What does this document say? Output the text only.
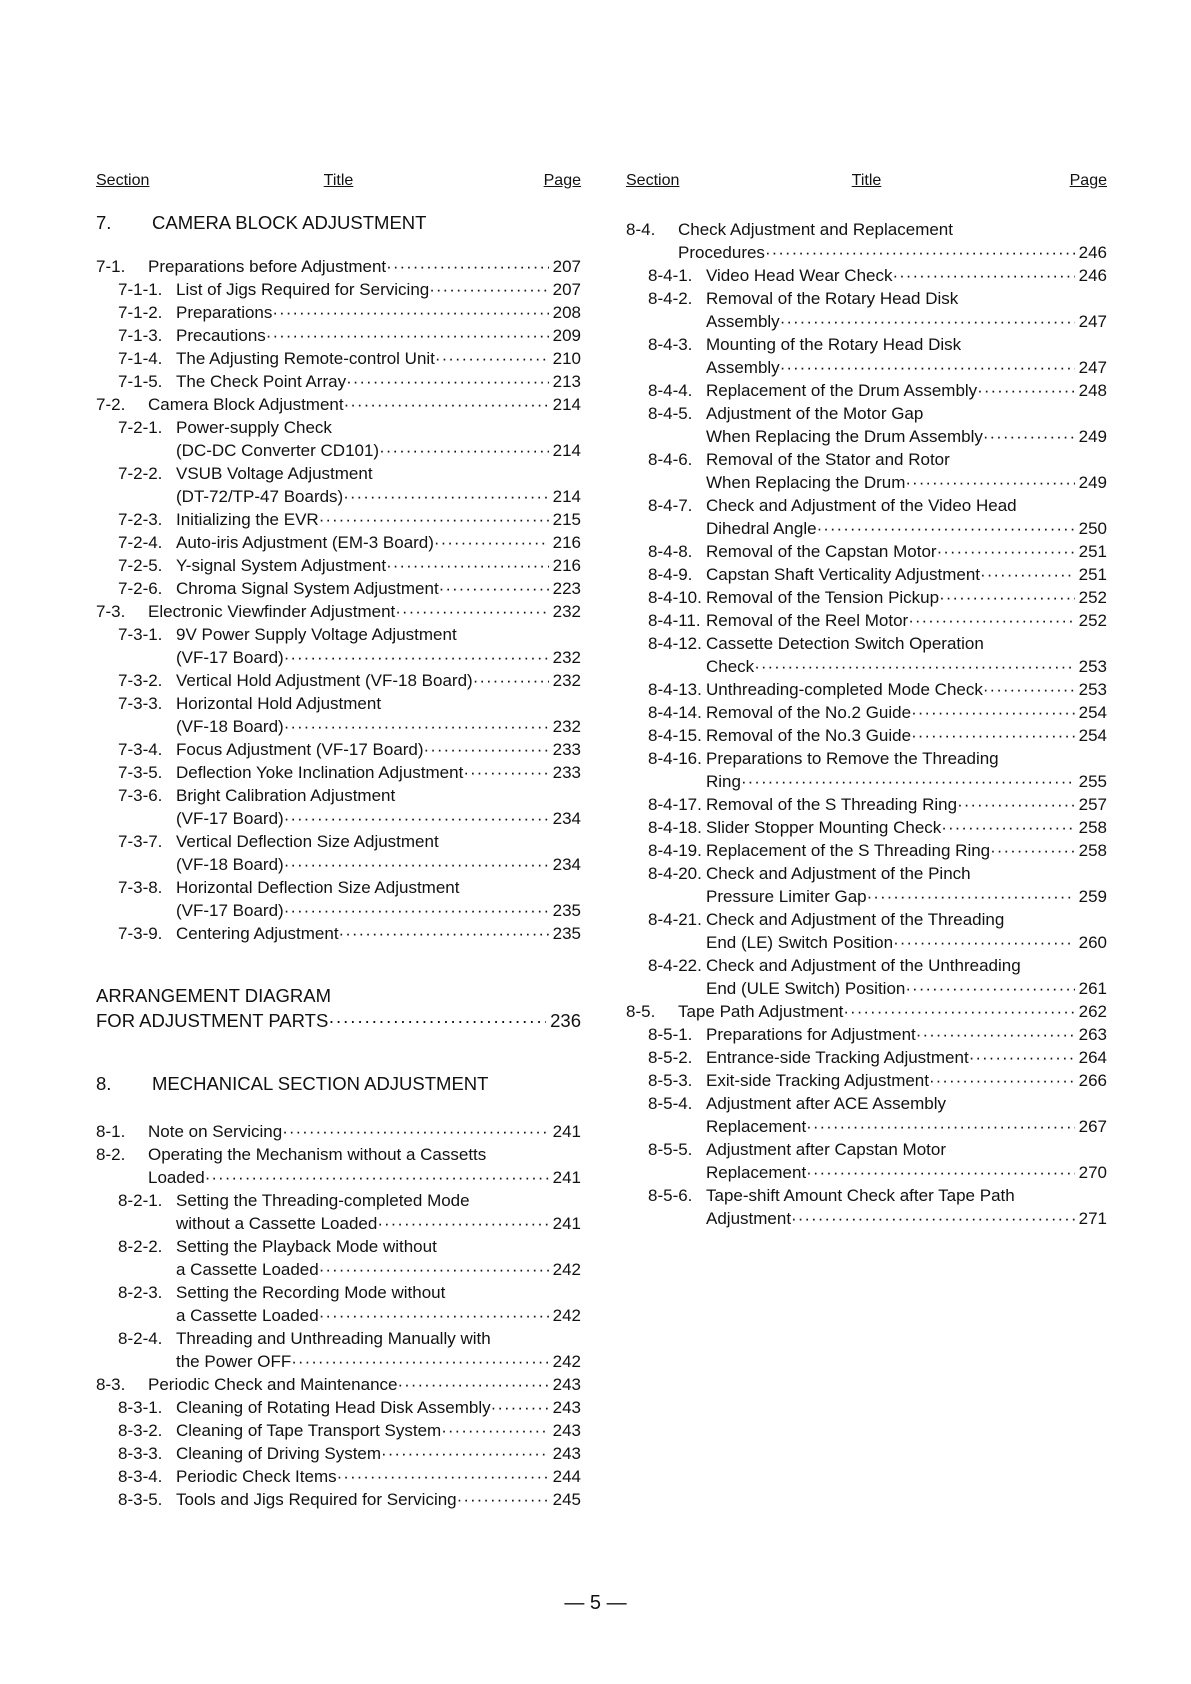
Section	Title	Page
7. CAMERA BLOCK ADJUSTMENT
7-1. Preparations before Adjustment ·····	207
7-1-1. List of Jigs Required for Servicing ·····	207
7-1-2. Preparations ·····	208
7-1-3. Precautions ·····	209
7-1-4. The Adjusting Remote-control Unit ·····	210
7-1-5. The Check Point Array ·····	213
7-2. Camera Block Adjustment ·····	214
7-2-1. Power-supply Check
(DC-DC Converter CD101) ·····	214
7-2-2. VSUB Voltage Adjustment
(DT-72/TP-47 Boards) ·····	214
7-2-3. Initializing the EVR ·····	215
7-2-4. Auto-iris Adjustment (EM-3 Board) ·····	216
7-2-5. Y-signal System Adjustment ·····	216
7-2-6. Chroma Signal System Adjustment ·····	223
7-3. Electronic Viewfinder Adjustment ·····	232
7-3-1. 9V Power Supply Voltage Adjustment
(VF-17 Board) ·····	232
7-3-2. Vertical Hold Adjustment (VF-18 Board) ·····	232
7-3-3. Horizontal Hold Adjustment
(VF-18 Board) ·····	232
7-3-4. Focus Adjustment (VF-17 Board) ·····	233
7-3-5. Deflection Yoke Inclination Adjustment ·····	233
7-3-6. Bright Calibration Adjustment
(VF-17 Board) ·····	234
7-3-7. Vertical Deflection Size Adjustment
(VF-18 Board) ·····	234
7-3-8. Horizontal Deflection Size Adjustment
(VF-17 Board) ·····	235
7-3-9. Centering Adjustment ·····	235
ARRANGEMENT DIAGRAM
FOR ADJUSTMENT PARTS ·····	236
8. MECHANICAL SECTION ADJUSTMENT
8-1. Note on Servicing ·····	241
8-2. Operating the Mechanism without a Cassetts
Loaded ·····	241
8-2-1. Setting the Threading-completed Mode
without a Cassette Loaded ·····	241
8-2-2. Setting the Playback Mode without
a Cassette Loaded ·····	242
8-2-3. Setting the Recording Mode without
a Cassette Loaded ·····	242
8-2-4. Threading and Unthreading Manually with
the Power OFF ·····	242
8-3. Periodic Check and Maintenance ·····	243
8-3-1. Cleaning of Rotating Head Disk Assembly ·····	243
8-3-2. Cleaning of Tape Transport System ·····	243
8-3-3. Cleaning of Driving System ·····	243
8-3-4. Periodic Check Items ·····	244
8-3-5. Tools and Jigs Required for Servicing ·····	245
Section	Title	Page
8-4. Check Adjustment and Replacement
Procedures ·····	246
8-4-1. Video Head Wear Check ·····	246
8-4-2. Removal of the Rotary Head Disk
Assembly ·····	247
8-4-3. Mounting of the Rotary Head Disk
Assembly ·····	247
8-4-4. Replacement of the Drum Assembly ·····	248
8-4-5. Adjustment of the Motor Gap
When Replacing the Drum Assembly ·····	249
8-4-6. Removal of the Stator and Rotor
When Replacing the Drum ·····	249
8-4-7. Check and Adjustment of the Video Head
Dihedral Angle ·····	250
8-4-8. Removal of the Capstan Motor ·····	251
8-4-9. Capstan Shaft Verticality Adjustment ·····	251
8-4-10. Removal of the Tension Pickup ·····	252
8-4-11. Removal of the Reel Motor ·····	252
8-4-12. Cassette Detection Switch Operation
Check ·····	253
8-4-13. Unthreading-completed Mode Check ·····	253
8-4-14. Removal of the No.2 Guide ·····	254
8-4-15. Removal of the No.3 Guide ·····	254
8-4-16. Preparations to Remove the Threading
Ring ·····	255
8-4-17. Removal of the S Threading Ring ·····	257
8-4-18. Slider Stopper Mounting Check ·····	258
8-4-19. Replacement of the S Threading Ring ·····	258
8-4-20. Check and Adjustment of the Pinch
Pressure Limiter Gap ·····	259
8-4-21. Check and Adjustment of the Threading
End (LE) Switch Position ·····	260
8-4-22. Check and Adjustment of the Unthreading
End (ULE Switch) Position ·····	261
8-5. Tape Path Adjustment ·····	262
8-5-1. Preparations for Adjustment ·····	263
8-5-2. Entrance-side Tracking Adjustment ·····	264
8-5-3. Exit-side Tracking Adjustment ·····	266
8-5-4. Adjustment after ACE Assembly
Replacement ·····	267
8-5-5. Adjustment after Capstan Motor
Replacement ·····	270
8-5-6. Tape-shift Amount Check after Tape Path
Adjustment ·····	271
— 5 —
